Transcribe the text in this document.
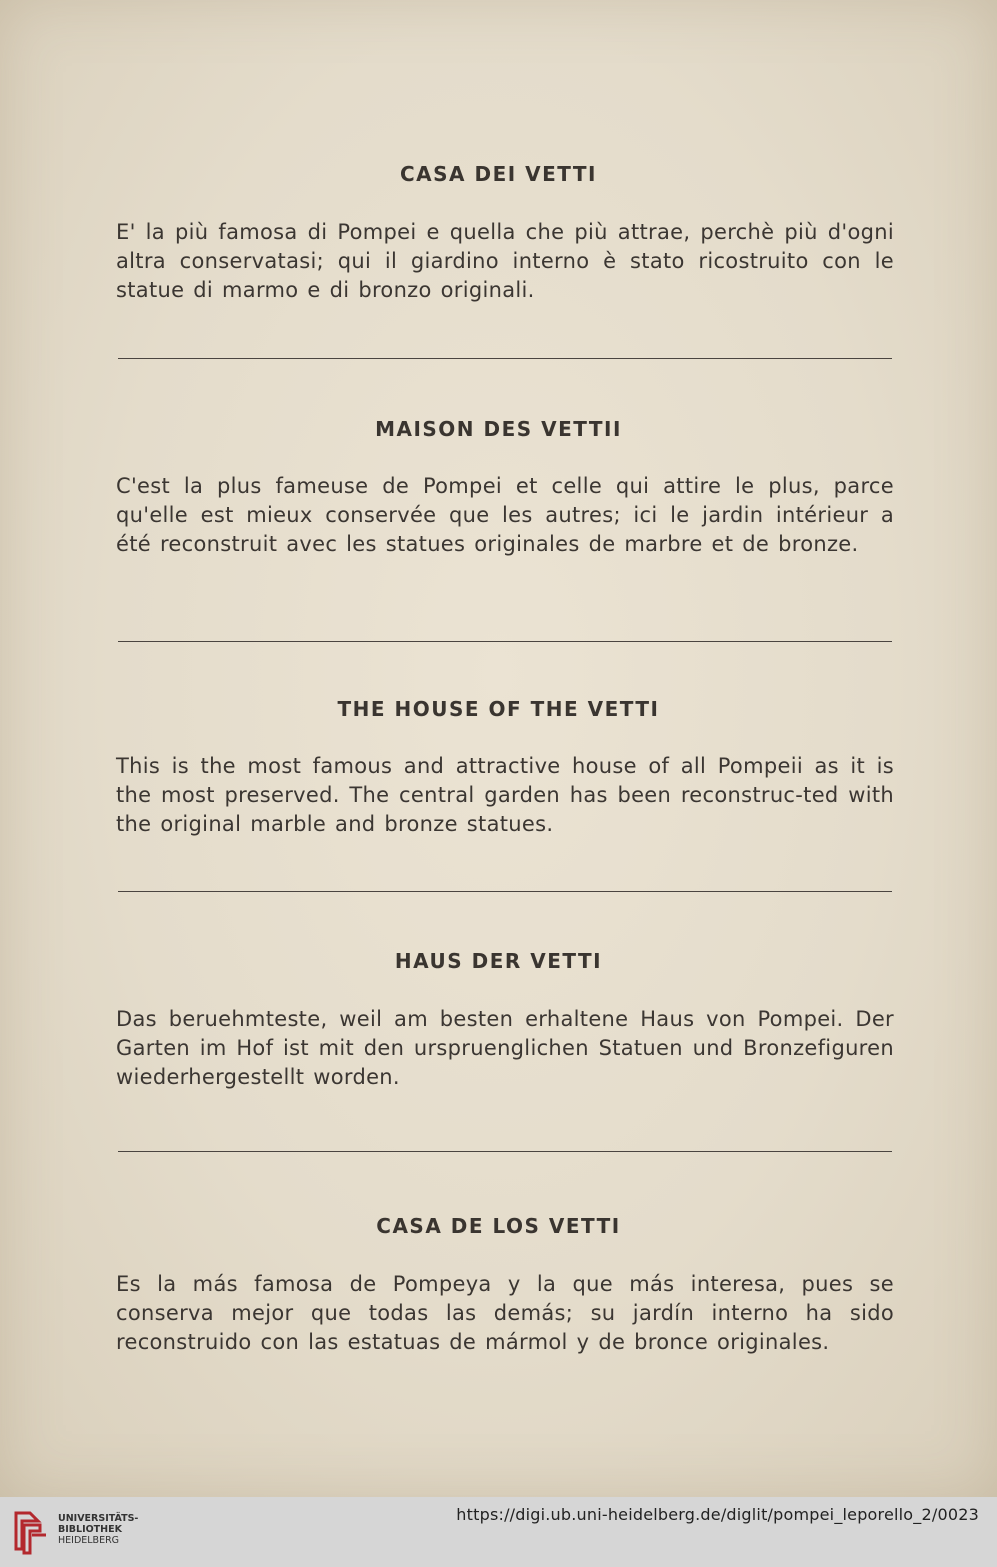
CASA DEI VETTI

E' la più famosa di Pompei e quella che più attrae, perchè più d'ogni altra conservatasi; qui il giardino interno è stato ricostruito con le statue di marmo e di bronzo originali.

MAISON DES VETTII

C'est la plus fameuse de Pompei et celle qui attire le plus, parce qu'elle est mieux conservée que les autres; ici le jardin intérieur a été reconstruit avec les statues originales de marbre et de bronze.

THE HOUSE OF THE VETTI

This is the most famous and attractive house of all Pompeii as it is the most preserved. The central garden has been reconstruc-ted with the original marble and bronze statues.

HAUS DER VETTI

Das beruehmteste, weil am besten erhaltene Haus von Pompei. Der Garten im Hof ist mit den urspruenglichen Statuen und Bronzefiguren wiederhergestellt worden.

CASA DE LOS VETTI

Es la más famosa de Pompeya y la que más interesa, pues se conserva mejor que todas las demás; su jardín interno ha sido reconstruido con las estatuas de mármol y de bronce originales.

UNIVERSITÄTS-
BIBLIOTHEK
HEIDELBERG
https://digi.ub.uni-heidelberg.de/diglit/pompei_leporello_2/0023
